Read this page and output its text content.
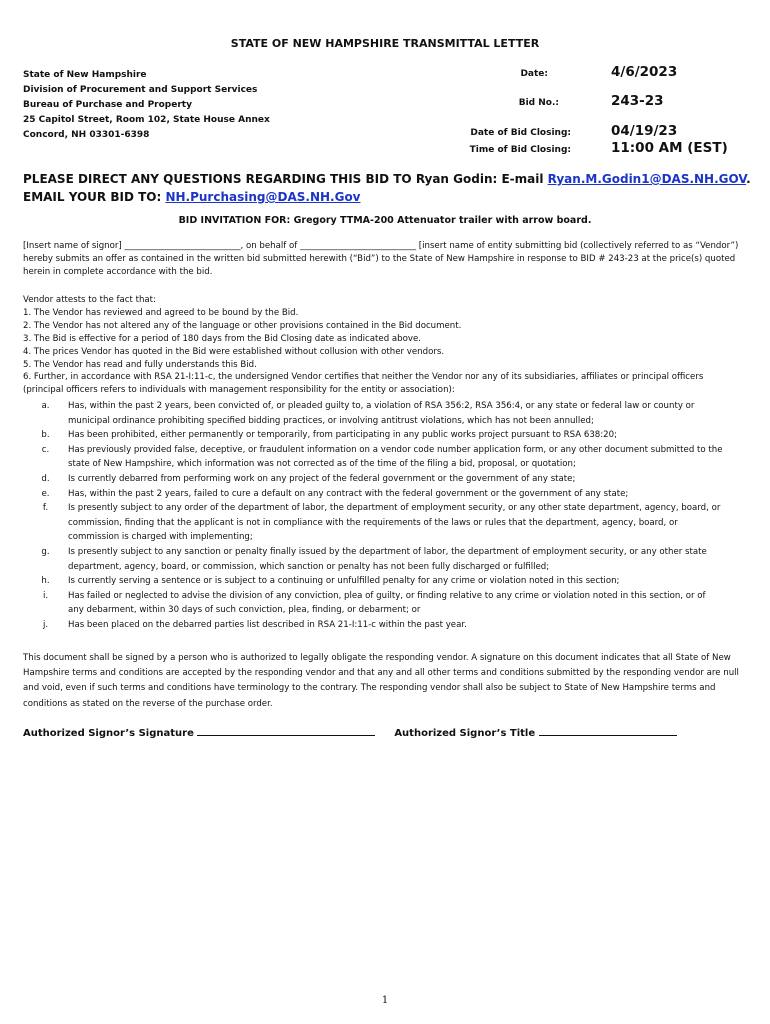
STATE OF NEW HAMPSHIRE TRANSMITTAL LETTER
State of New Hampshire
Division of Procurement and Support Services
Bureau of Purchase and Property
25 Capitol Street, Room 102, State House Annex
Concord, NH 03301-6398
Date:	4/6/2023
Bid No.:	243-23
Date of Bid Closing:	04/19/23
Time of Bid Closing:	11:00 AM (EST)
PLEASE DIRECT ANY QUESTIONS REGARDING THIS BID TO Ryan Godin: E-mail Ryan.M.Godin1@DAS.NH.GOV.
EMAIL YOUR BID TO: NH.Purchasing@DAS.NH.Gov
BID INVITATION FOR: Gregory TTMA-200 Attenuator trailer with arrow board.
[Insert name of signor] ___________________________, on behalf of ___________________________ [insert name of entity submitting bid (collectively referred to as “Vendor”) hereby submits an offer as contained in the written bid submitted herewith (“Bid”) to the State of New Hampshire in response to BID # 243-23 at the price(s) quoted herein in complete accordance with the bid.
Vendor attests to the fact that:
1. The Vendor has reviewed and agreed to be bound by the Bid.
2. The Vendor has not altered any of the language or other provisions contained in the Bid document.
3. The Bid is effective for a period of 180 days from the Bid Closing date as indicated above.
4. The prices Vendor has quoted in the Bid were established without collusion with other vendors.
5. The Vendor has read and fully understands this Bid.
6. Further, in accordance with RSA 21-I:11-c, the undersigned Vendor certifies that neither the Vendor nor any of its subsidiaries, affiliates or principal officers (principal officers refers to individuals with management responsibility for the entity or association):
a.	Has, within the past 2 years, been convicted of, or pleaded guilty to, a violation of RSA 356:2, RSA 356:4, or any state or federal law or county or municipal ordinance prohibiting specified bidding practices, or involving antitrust violations, which has not been annulled;
b.	Has been prohibited, either permanently or temporarily, from participating in any public works project pursuant to RSA 638:20;
c.	Has previously provided false, deceptive, or fraudulent information on a vendor code number application form, or any other document submitted to the state of New Hampshire, which information was not corrected as of the time of the filing a bid, proposal, or quotation;
d.	Is currently debarred from performing work on any project of the federal government or the government of any state;
e.	Has, within the past 2 years, failed to cure a default on any contract with the federal government or the government of any state;
f.	Is presently subject to any order of the department of labor, the department of employment security, or any other state department, agency, board, or commission, finding that the applicant is not in compliance with the requirements of the laws or rules that the department, agency, board, or commission is charged with implementing;
g.	Is presently subject to any sanction or penalty finally issued by the department of labor, the department of employment security, or any other state department, agency, board, or commission, which sanction or penalty has not been fully discharged or fulfilled;
h.	Is currently serving a sentence or is subject to a continuing or unfulfilled penalty for any crime or violation noted in this section;
i.	Has failed or neglected to advise the division of any conviction, plea of guilty, or finding relative to any crime or violation noted in this section, or of any debarment, within 30 days of such conviction, plea, finding, or debarment; or
j.	Has been placed on the debarred parties list described in RSA 21-I:11-c within the past year.
This document shall be signed by a person who is authorized to legally obligate the responding vendor. A signature on this document indicates that all State of New Hampshire terms and conditions are accepted by the responding vendor and that any and all other terms and conditions submitted by the responding vendor are null and void, even if such terms and conditions have terminology to the contrary. The responding vendor shall also be subject to State of New Hampshire terms and conditions as stated on the reverse of the purchase order.
Authorized Signor’s Signature	Authorized Signor’s Title
1
